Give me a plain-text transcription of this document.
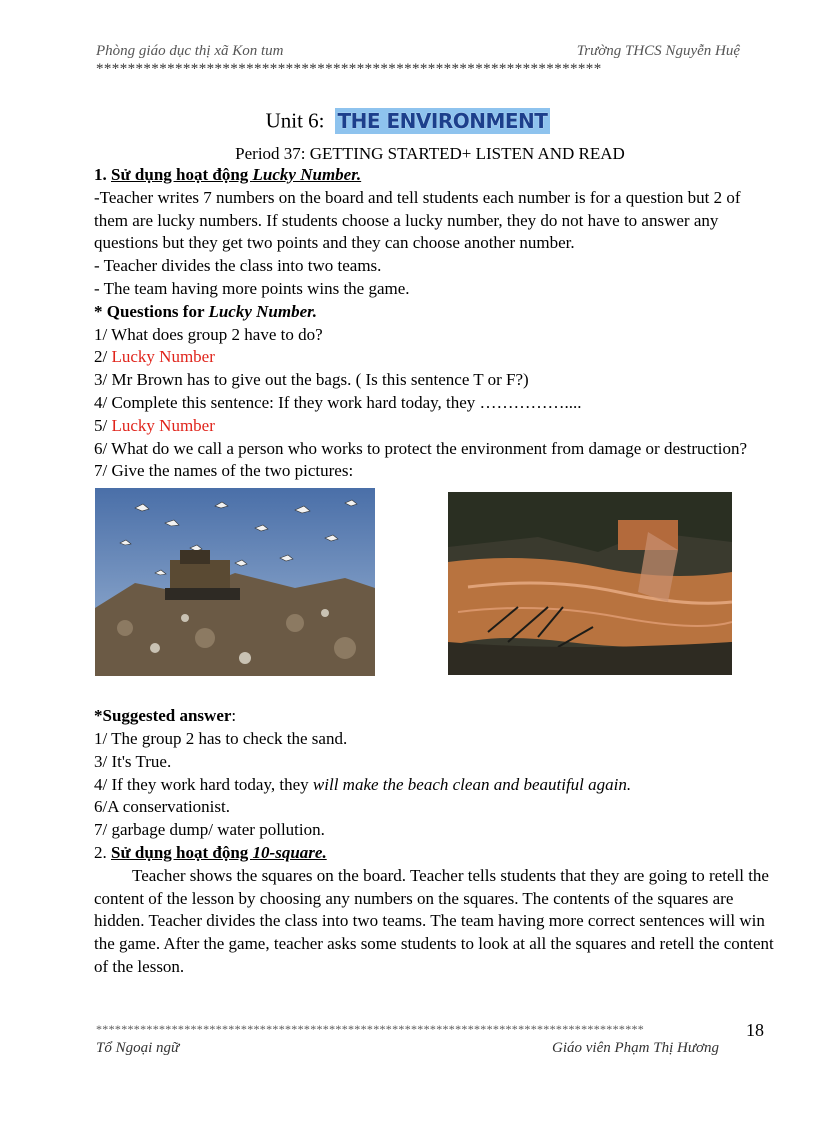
Phòng giáo dục thị xã Kon tum	Trường THCS Nguyễn Huệ
****************************************************************
Unit 6: THE ENVIRONMENT
Period 37: GETTING STARTED+ LISTEN AND READ

1. Sử dụng hoạt động Lucky Number.

-Teacher writes 7 numbers on the board and tell students each number is for a question but 2 of them are lucky numbers. If students choose a lucky number, they do not have to answer any questions but they get two points and they can choose another number.

- Teacher divides the class into two teams.

- The team having more points wins the game.

* Questions for Lucky Number.

1/ What does group 2 have to do?

2/ Lucky Number

3/ Mr Brown has to give out the bags. ( Is this sentence T or F?)

4/ Complete this sentence: If they work hard today, they ……………....

5/ Lucky Number

6/ What do we call a person who works to protect the environment from damage or destruction?

7/ Give the names of the two pictures:

*Suggested answer:

1/ The group 2 has to check the sand.

3/ It's True.

4/ If they work hard today, they will make the beach clean and beautiful again.

6/A conservationist.

7/ garbage dump/ water pollution.

2. Sử dụng hoạt động 10-square.

Teacher shows the squares on the board. Teacher tells students that they are going to retell the content of the lesson by choosing any numbers on the squares. The contents of the squares are hidden. Teacher divides the class into two teams. The team having more correct sentences will win the game. After the game, teacher asks some students to look at all the squares and retell the content of the lesson.

18
***************************************************************************************
Tổ Ngoại ngữ	Giáo viên Phạm Thị Hương
